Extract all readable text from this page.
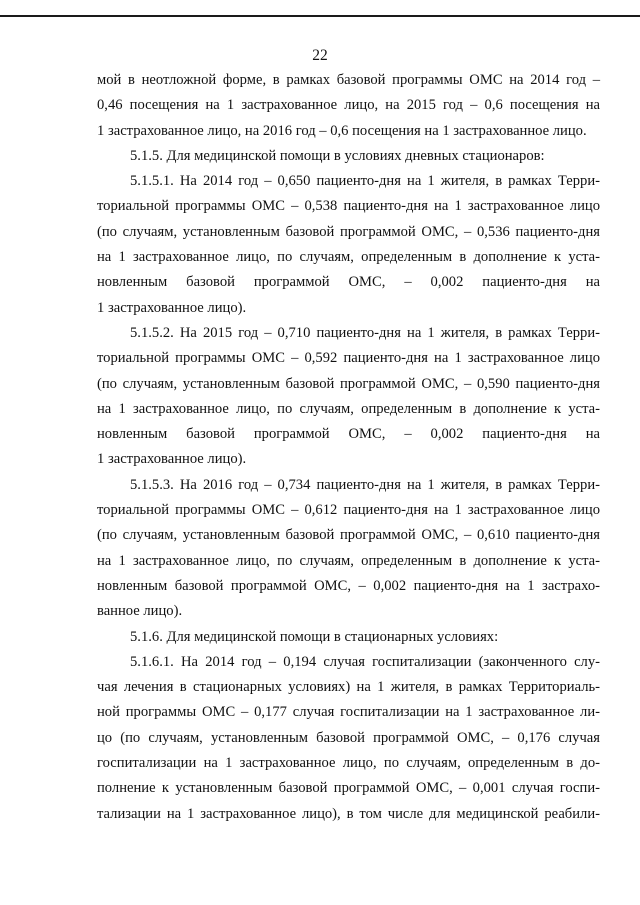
22

мой в неотложной форме, в рамках базовой программы ОМС на 2014 год –

0,46 посещения на 1 застрахованное лицо, на 2015 год – 0,6 посещения на

1 застрахованное лицо, на 2016 год – 0,6 посещения на 1 застрахованное лицо.

5.1.5. Для медицинской помощи в условиях дневных стационаров:

5.1.5.1. На 2014 год – 0,650 пациенто-дня на 1 жителя, в рамках Терри-

ториальной программы ОМС – 0,538 пациенто-дня на 1 застрахованное лицо

(по случаям, установленным базовой программой ОМС, – 0,536 пациенто-дня

на 1 застрахованное лицо, по случаям, определенным в дополнение к уста-

новленным базовой программой ОМС, – 0,002 пациенто-дня на

1 застрахованное лицо).

5.1.5.2. На 2015 год – 0,710 пациенто-дня на 1 жителя, в рамках Терри-

ториальной программы ОМС – 0,592 пациенто-дня на 1 застрахованное лицо

(по случаям, установленным базовой программой ОМС, – 0,590 пациенто-дня

на 1 застрахованное лицо, по случаям, определенным в дополнение к уста-

новленным базовой программой ОМС, – 0,002 пациенто-дня на

1 застрахованное лицо).

5.1.5.3. На 2016 год – 0,734 пациенто-дня на 1 жителя, в рамках Терри-

ториальной программы ОМС – 0,612 пациенто-дня на 1 застрахованное лицо

(по случаям, установленным базовой программой ОМС, – 0,610 пациенто-дня

на 1 застрахованное лицо, по случаям, определенным в дополнение к уста-

новленным базовой программой ОМС, – 0,002 пациенто-дня на 1 застрахо-

ванное лицо).

5.1.6. Для медицинской помощи в стационарных условиях:

5.1.6.1. На 2014 год – 0,194 случая госпитализации (законченного слу-

чая лечения в стационарных условиях) на 1 жителя, в рамках Территориаль-

ной программы ОМС – 0,177 случая госпитализации на 1 застрахованное ли-

цо (по случаям, установленным базовой программой ОМС, – 0,176 случая

госпитализации на 1 застрахованное лицо, по случаям, определенным в до-

полнение к установленным базовой программой ОМС, – 0,001 случая госпи-

тализации на 1 застрахованное лицо), в том числе для медицинской реабили-
